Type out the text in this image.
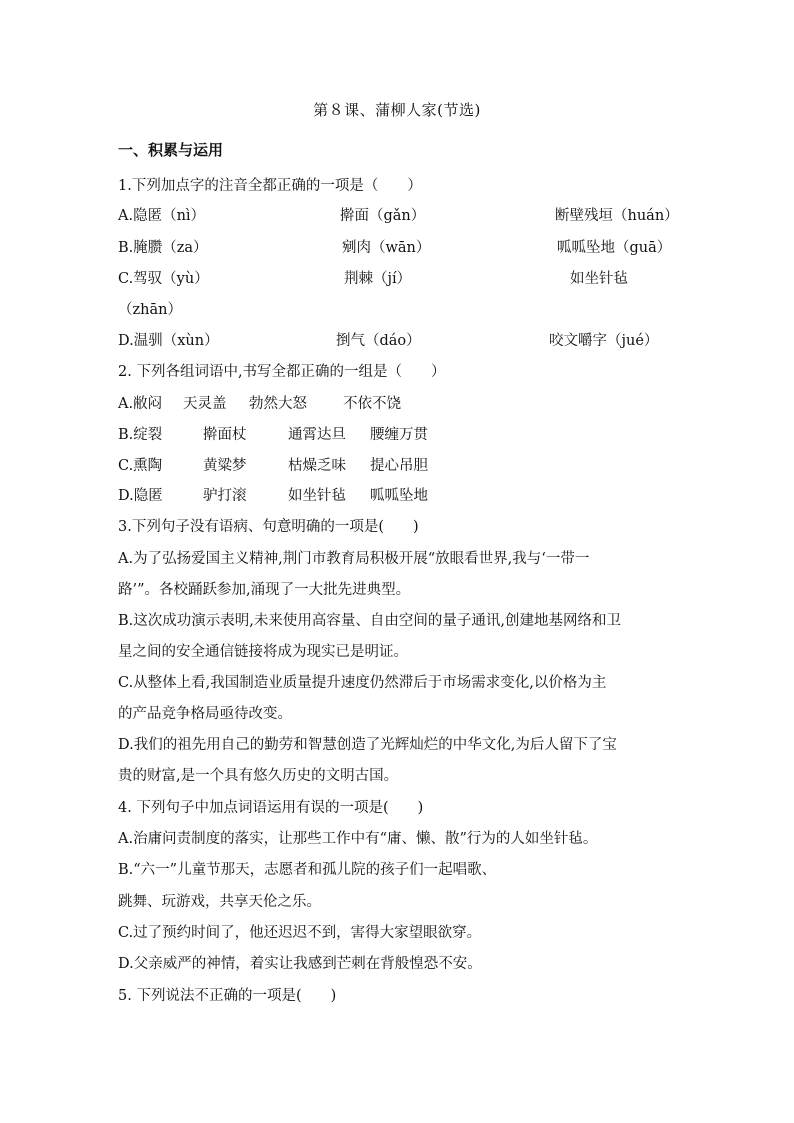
第８课、蒲柳人家(节选)
一、积累与运用
1.下列加点字的注音全都正确的一项是（　　）
A.隐匿（nì）	擀面（gǎn）	断壁残垣（huán）
B.腌臜（za）	剜肉（wān）	呱呱坠地（guā）
C.驾驭（yù）	荆棘（jí）	如坐针毡
（zhān）
D.温驯（xùn）	捯气（dáo）	咬文嚼字（jué）
2. 下列各组词语中,书写全都正确的一组是（　　）
A.敝闷 天灵盖 勃然大怒 不依不饶
B.绽裂	擀面杖	通霄达旦 腰缠万贯
C.熏陶	黄粱梦	枯燥乏味 提心吊胆
D.隐匿	驴打滚	如坐针毡 呱呱坠地
3.下列句子没有语病、句意明确的一项是(　　)
A.为了弘扬爱国主义精神,荆门市教育局积极开展“放眼看世界,我与‘一带一
路’”。各校踊跃参加,涌现了一大批先进典型。
B.这次成功演示表明,未来使用高容量、自由空间的量子通讯,创建地基网络和卫
星之间的安全通信链接将成为现实已是明证。
C.从整体上看,我国制造业质量提升速度仍然滞后于市场需求变化,以价格为主
的产品竞争格局亟待改变。
D.我们的祖先用自己的勤劳和智慧创造了光辉灿烂的中华文化,为后人留下了宝
贵的财富,是一个具有悠久历史的文明古国。
4. 下列句子中加点词语运用有误的一项是(　　)
A.治庸问责制度的落实，让那些工作中有“庸、懒、散”行为的人如坐针毡。
B.“六一”儿童节那天，志愿者和孤儿院的孩子们一起唱歌、
跳舞、玩游戏，共享天伦之乐。
C.过了预约时间了，他还迟迟不到，害得大家望眼欲穿。
D.父亲威严的神情，着实让我感到芒刺在背般惶恐不安。
5. 下列说法不正确的一项是(　　)
